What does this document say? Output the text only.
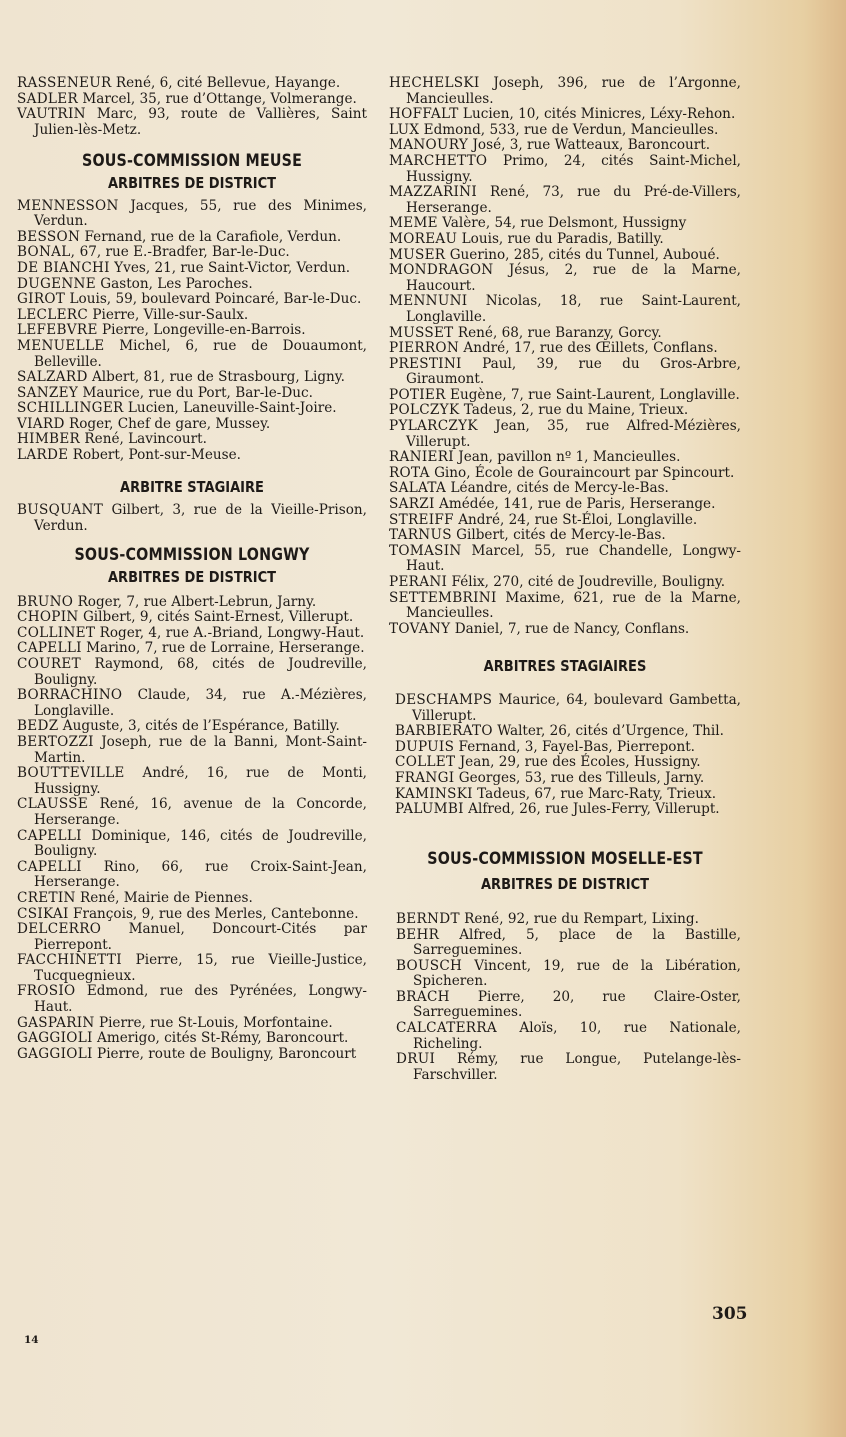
RASSENEUR René, 6, cité Bellevue, Hayange.

SADLER Marcel, 35, rue d’Ottange, Volmerange.

VAUTRIN Marc, 93, route de Vallières, Saint Julien-lès-Metz.

SOUS-COMMISSION MEUSE
ARBITRES DE DISTRICT

MENNESSON Jacques, 55, rue des Minimes, Verdun.

BESSON Fernand, rue de la Carafiole, Verdun.

BONAL, 67, rue E.-Bradfer, Bar-le-Duc.

DE BIANCHI Yves, 21, rue Saint-Victor, Verdun.

DUGENNE Gaston, Les Paroches.

GIROT Louis, 59, boulevard Poincaré, Bar-le-Duc.

LECLERC Pierre, Ville-sur-Saulx.

LEFEBVRE Pierre, Longeville-en-Barrois.

MENUELLE Michel, 6, rue de Douaumont, Belleville.

SALZARD Albert, 81, rue de Strasbourg, Ligny.

SANZEY Maurice, rue du Port, Bar-le-Duc.

SCHILLINGER Lucien, Laneuville-Saint-Joire.

VIARD Roger, Chef de gare, Mussey.

HIMBER René, Lavincourt.

LARDE Robert, Pont-sur-Meuse.

ARBITRE STAGIAIRE

BUSQUANT Gilbert, 3, rue de la Vieille-Prison, Verdun.

SOUS-COMMISSION LONGWY
ARBITRES DE DISTRICT

BRUNO Roger, 7, rue Albert-Lebrun, Jarny.

CHOPIN Gilbert, 9, cités Saint-Ernest, Villerupt.

COLLINET Roger, 4, rue A.-Briand, Longwy-Haut.

CAPELLI Marino, 7, rue de Lorraine, Herserange.

COURET Raymond, 68, cités de Joudreville, Bouligny.

BORRACHINO Claude, 34, rue A.-Mézières, Longlaville.

BEDZ Auguste, 3, cités de l’Espérance, Batilly.

BERTOZZI Joseph, rue de la Banni, Mont-Saint-Martin.

BOUTTEVILLE André, 16, rue de Monti, Hussigny.

CLAUSSE René, 16, avenue de la Concorde, Herserange.

CAPELLI Dominique, 146, cités de Joudreville, Bouligny.

CAPELLI Rino, 66, rue Croix-Saint-Jean, Herserange.

CRETIN René, Mairie de Piennes.

CSIKAI François, 9, rue des Merles, Cantebonne.

DELCERRO Manuel, Doncourt-Cités par Pierrepont.

FACCHINETTI Pierre, 15, rue Vieille-Justice, Tucquegnieux.

FROSIO Edmond, rue des Pyrénées, Longwy-Haut.

GASPARIN Pierre, rue St-Louis, Morfontaine.

GAGGIOLI Amerigo, cités St-Rémy, Baroncourt.

GAGGIOLI Pierre, route de Bouligny, Baroncourt

HECHELSKI Joseph, 396, rue de l’Argonne, Mancieulles.

HOFFALT Lucien, 10, cités Minicres, Léxy-Rehon.

LUX Edmond, 533, rue de Verdun, Mancieulles.

MANOURY José, 3, rue Watteaux, Baroncourt.

MARCHETTO Primo, 24, cités Saint-Michel, Hussigny.

MAZZARINI René, 73, rue du Pré-de-Villers, Herserange.

MEME Valère, 54, rue Delsmont, Hussigny

MOREAU Louis, rue du Paradis, Batilly.

MUSER Guerino, 285, cités du Tunnel, Auboué.

MONDRAGON Jésus, 2, rue de la Marne, Haucourt.

MENNUNI Nicolas, 18, rue Saint-Laurent, Longlaville.

MUSSET René, 68, rue Baranzy, Gorcy.

PIERRON André, 17, rue des Œillets, Conflans.

PRESTINI Paul, 39, rue du Gros-Arbre, Giraumont.

POTIER Eugène, 7, rue Saint-Laurent, Longlaville.

POLCZYK Tadeus, 2, rue du Maine, Trieux.

PYLARCZYK Jean, 35, rue Alfred-Mézières, Villerupt.

RANIERI Jean, pavillon nº 1, Mancieulles.

ROTA Gino, École de Gouraincourt par Spincourt.

SALATA Léandre, cités de Mercy-le-Bas.

SARZI Amédée, 141, rue de Paris, Herserange.

STREIFF André, 24, rue St-Éloi, Longlaville.

TARNUS Gilbert, cités de Mercy-le-Bas.

TOMASIN Marcel, 55, rue Chandelle, Longwy-Haut.

PERANI Félix, 270, cité de Joudreville, Bouligny.

SETTEMBRINI Maxime, 621, rue de la Marne, Mancieulles.

TOVANY Daniel, 7, rue de Nancy, Conflans.

ARBITRES STAGIAIRES

DESCHAMPS Maurice, 64, boulevard Gambetta, Villerupt.

BARBIERATO Walter, 26, cités d’Urgence, Thil.

DUPUIS Fernand, 3, Fayel-Bas, Pierrepont.

COLLET Jean, 29, rue des Écoles, Hussigny.

FRANGI Georges, 53, rue des Tilleuls, Jarny.

KAMINSKI Tadeus, 67, rue Marc-Raty, Trieux.

PALUMBI Alfred, 26, rue Jules-Ferry, Villerupt.

SOUS-COMMISSION MOSELLE-EST
ARBITRES DE DISTRICT

BERNDT René, 92, rue du Rempart, Lixing.

BEHR Alfred, 5, place de la Bastille, Sarreguemines.

BOUSCH Vincent, 19, rue de la Libération, Spicheren.

BRACH Pierre, 20, rue Claire-Oster, Sarreguemines.

CALCATERRA Aloïs, 10, rue Nationale, Richeling.

DRUI Rémy, rue Longue, Putelange-lès-Farschviller.

305
14
